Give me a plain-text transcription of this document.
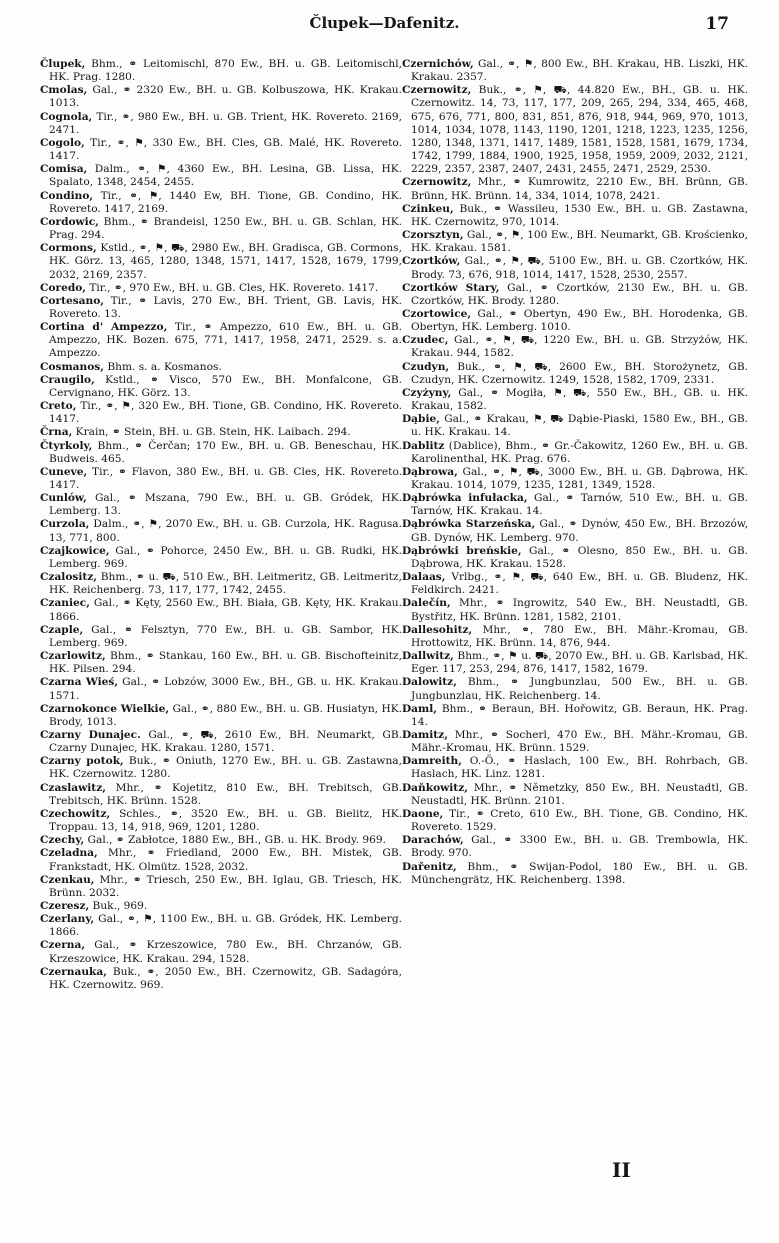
Člupek—Dafenitz.	17

Člupek, Bhm., ⚭ Leitomischl, 870 Ew., BH. u. GB. Leitomischl, HK. Prag. 1280.

Cmolas, Gal., ⚭ 2320 Ew., BH. u. GB. Kolbuszowa, HK. Krakau. 1013.

Cognola, Tir., ⚭, 980 Ew., BH. u. GB. Trient, HK. Rovereto. 2169, 2471.

Cogolo, Tir., ⚭, ⚑, 330 Ew., BH. Cles, GB. Malé, HK. Rovereto. 1417.

Comisa, Dalm., ⚭, ⚑, 4360 Ew., BH. Lesina, GB. Lissa, HK. Spalato, 1348, 2454, 2455.

Condino, Tir., ⚭, ⚑, 1440 Ew, BH. Tione, GB. Condino, HK. Rovereto. 1417, 2169.

Cordowic, Bhm., ⚭ Brandeisl, 1250 Ew., BH. u. GB. Schlan, HK. Prag. 294.

Cormons, Kstld., ⚭, ⚑, ⛟, 2980 Ew., BH. Gradisca, GB. Cormons, HK. Görz. 13, 465, 1280, 1348, 1571, 1417, 1528, 1679, 1799, 2032, 2169, 2357.

Coredo, Tir., ⚭, 970 Ew., BH. u. GB. Cles, HK. Rovereto. 1417.

Cortesano, Tir., ⚭ Lavis, 270 Ew., BH. Trient, GB. Lavis, HK. Rovereto. 13.

Cortina d' Ampezzo, Tir., ⚭ Ampezzo, 610 Ew., BH. u. GB. Ampezzo, HK. Bozen. 675, 771, 1417, 1958, 2471, 2529. s. a. Ampezzo.

Cosmanos, Bhm. s. a. Kosmanos.

Craugilo, Kstld., ⚭ Visco, 570 Ew., BH. Monfalcone, GB. Cervignano, HK. Görz. 13.

Creto, Tir., ⚭, ⚑, 320 Ew., BH. Tione, GB. Condino, HK. Rovereto. 1417.

Črna, Krain, ⚭ Stein, BH. u. GB. Stein, HK. Laibach. 294.

Čtyrkoly, Bhm., ⚭ Čerčan; 170 Ew., BH. u. GB. Beneschau, HK. Budweis. 465.

Cuneve, Tir., ⚭ Flavon, 380 Ew., BH. u. GB. Cles, HK. Rovereto. 1417.

Cunlów, Gal., ⚭ Mszana, 790 Ew., BH. u. GB. Gródek, HK. Lemberg. 13.

Curzola, Dalm., ⚭, ⚑, 2070 Ew., BH. u. GB. Curzola, HK. Ragusa. 13, 771, 800.

Czajkowice, Gal., ⚭ Pohorce, 2450 Ew., BH. u. GB. Rudki, HK. Lemberg. 969.

Czalositz, Bhm., ⚭ u. ⛟, 510 Ew., BH. Leitmeritz, GB. Leitmeritz, HK. Reichenberg. 73, 117, 177, 1742, 2455.

Czaniec, Gal., ⚭ Kęty, 2560 Ew., BH. Biała, GB. Kęty, HK. Krakau. 1866.

Czaple, Gal., ⚭ Felsztyn, 770 Ew., BH. u. GB. Sambor, HK. Lemberg. 969.

Czarlowitz, Bhm., ⚭ Stankau, 160 Ew., BH. u. GB. Bischofteinitz, HK. Pilsen. 294.

Czarna Wieś, Gal., ⚭ Lobzów, 3000 Ew., BH., GB. u. HK. Krakau. 1571.

Czarnokonce Wielkie, Gal., ⚭, 880 Ew., BH. u. GB. Husiatyn, HK. Brody, 1013.

Czarny Dunajec. Gal., ⚭, ⛟, 2610 Ew., BH. Neumarkt, GB. Czarny Dunajec, HK. Krakau. 1280, 1571.

Czarny potok, Buk., ⚭ Oniuth, 1270 Ew., BH. u. GB. Zastawna, HK. Czernowitz. 1280.

Czaslawitz, Mhr., ⚭ Kojetitz, 810 Ew., BH. Trebitsch, GB. Trebitsch, HK. Brünn. 1528.

Czechowitz, Schles., ⚭, 3520 Ew., BH. u. GB. Bielitz, HK. Troppau. 13, 14, 918, 969, 1201, 1280.

Czechy, Gal., ⚭ Zabłotce, 1880 Ew., BH., GB. u. HK. Brody. 969.

Czeladna, Mhr., ⚭ Friedland, 2000 Ew., BH. Mistek, GB. Frankstadt, HK. Olmütz. 1528, 2032.

Czenkau, Mhr., ⚭ Triesch, 250 Ew., BH. Iglau, GB. Triesch, HK. Brünn. 2032.

Czeresz, Buk., 969.

Czerlany, Gal., ⚭, ⚑, 1100 Ew., BH. u. GB. Gródek, HK. Lemberg. 1866.

Czerna, Gal., ⚭ Krzeszowice, 780 Ew., BH. Chrzanów, GB. Krzeszowice, HK. Krakau. 294, 1528.

Czernauka, Buk., ⚭, 2050 Ew., BH. Czernowitz, GB. Sadagóra, HK. Czernowitz. 969.

Czernichów, Gal., ⚭, ⚑, 800 Ew., BH. Krakau, HB. Liszki, HK. Krakau. 2357.

Czernowitz, Buk., ⚭, ⚑, ⛟, 44.820 Ew., BH., GB. u. HK. Czernowitz. 14, 73, 117, 177, 209, 265, 294, 334, 465, 468, 675, 676, 771, 800, 831, 851, 876, 918, 944, 969, 970, 1013, 1014, 1034, 1078, 1143, 1190, 1201, 1218, 1223, 1235, 1256, 1280, 1348, 1371, 1417, 1489, 1581, 1528, 1581, 1679, 1734, 1742, 1799, 1884, 1900, 1925, 1958, 1959, 2009, 2032, 2121, 2229, 2357, 2387, 2407, 2431, 2455, 2471, 2529, 2530.

Czernowitz, Mhr., ⚭ Kumrowitz, 2210 Ew., BH. Brünn, GB. Brünn, HK. Brünn. 14, 334, 1014, 1078, 2421.

Czinkeu, Buk., ⚭ Wassileu, 1530 Ew., BH. u. GB. Zastawna, HK. Czernowitz, 970, 1014.

Czorsztyn, Gal., ⚭, ⚑, 100 Ew., BH. Neumarkt, GB. Krościenko, HK. Krakau. 1581.

Czortków, Gal., ⚭, ⚑, ⛟, 5100 Ew., BH. u. GB. Czortków, HK. Brody. 73, 676, 918, 1014, 1417, 1528, 2530, 2557.

Czortków Stary, Gal., ⚭ Czortków, 2130 Ew., BH. u. GB. Czortków, HK. Brody. 1280.

Czortowice, Gal., ⚭ Obertyn, 490 Ew., BH. Horodenka, GB. Obertyn, HK. Lemberg. 1010.

Czudec, Gal., ⚭, ⚑, ⛟, 1220 Ew., BH. u. GB. Strzyżów, HK. Krakau. 944, 1582.

Czudyn, Buk., ⚭, ⚑, ⛟, 2600 Ew., BH. Storożynetz, GB. Czudyn, HK. Czernowitz. 1249, 1528, 1582, 1709, 2331.

Czyżyny, Gal., ⚭ Mogiła, ⚑, ⛟, 550 Ew., BH., GB. u. HK. Krakau, 1582.

Dąbie, Gal., ⚭ Krakau, ⚑, ⛟ Dąbie-Piaski, 1580 Ew., BH., GB. u. HK. Krakau. 14.

Dablitz (Dablice), Bhm., ⚭ Gr.-Čakowitz, 1260 Ew., BH. u. GB. Karolinenthal, HK. Prag. 676.

Dąbrowa, Gal., ⚭, ⚑, ⛟, 3000 Ew., BH. u. GB. Dąbrowa, HK. Krakau. 1014, 1079, 1235, 1281, 1349, 1528.

Dąbrówka infułacka, Gal., ⚭ Tarnów, 510 Ew., BH. u. GB. Tarnów, HK. Krakau. 14.

Dąbrówka Starzeńska, Gal., ⚭ Dynów, 450 Ew., BH. Brzozów, GB. Dynów, HK. Lemberg. 970.

Dąbrówki breńskie, Gal., ⚭ Olesno, 850 Ew., BH. u. GB. Dąbrowa, HK. Krakau. 1528.

Dalaas, Vrlbg., ⚭, ⚑, ⛟, 640 Ew., BH. u. GB. Bludenz, HK. Feldkirch. 2421.

Dalečín, Mhr., ⚭ Ingrowitz, 540 Ew., BH. Neustadtl, GB. Bystřitz, HK. Brünn. 1281, 1582, 2101.

Dallesohitz, Mhr., ⚭, 780 Ew., BH. Mähr.-Kromau, GB. Hrottowitz, HK. Brünn. 14, 876, 944.

Dallwitz, Bhm., ⚭, ⚑ u. ⛟, 2070 Ew., BH. u. GB. Karlsbad, HK. Eger. 117, 253, 294, 876, 1417, 1582, 1679.

Dalowitz, Bhm., ⚭ Jungbunzlau, 500 Ew., BH. u. GB. Jungbunzlau, HK. Reichenberg. 14.

Daml, Bhm., ⚭ Beraun, BH. Hořowitz, GB. Beraun, HK. Prag. 14.

Damitz, Mhr., ⚭ Socherl, 470 Ew., BH. Mähr.-Kromau, GB. Mähr.-Kromau, HK. Brünn. 1529.

Damreith, O.-Ö., ⚭ Haslach, 100 Ew., BH. Rohrbach, GB. Haslach, HK. Linz. 1281.

Daňkowitz, Mhr., ⚭ Němetzky, 850 Ew., BH. Neustadtl, GB. Neustadtl, HK. Brünn. 2101.

Daone, Tir., ⚭ Creto, 610 Ew., BH. Tione, GB. Condino, HK. Rovereto. 1529.

Darachów, Gal., ⚭ 3300 Ew., BH. u. GB. Trembowla, HK. Brody. 970.

Dařenitz, Bhm., ⚭ Swijan-Podol, 180 Ew., BH. u. GB. Münchengrätz, HK. Reichenberg. 1398.

II
